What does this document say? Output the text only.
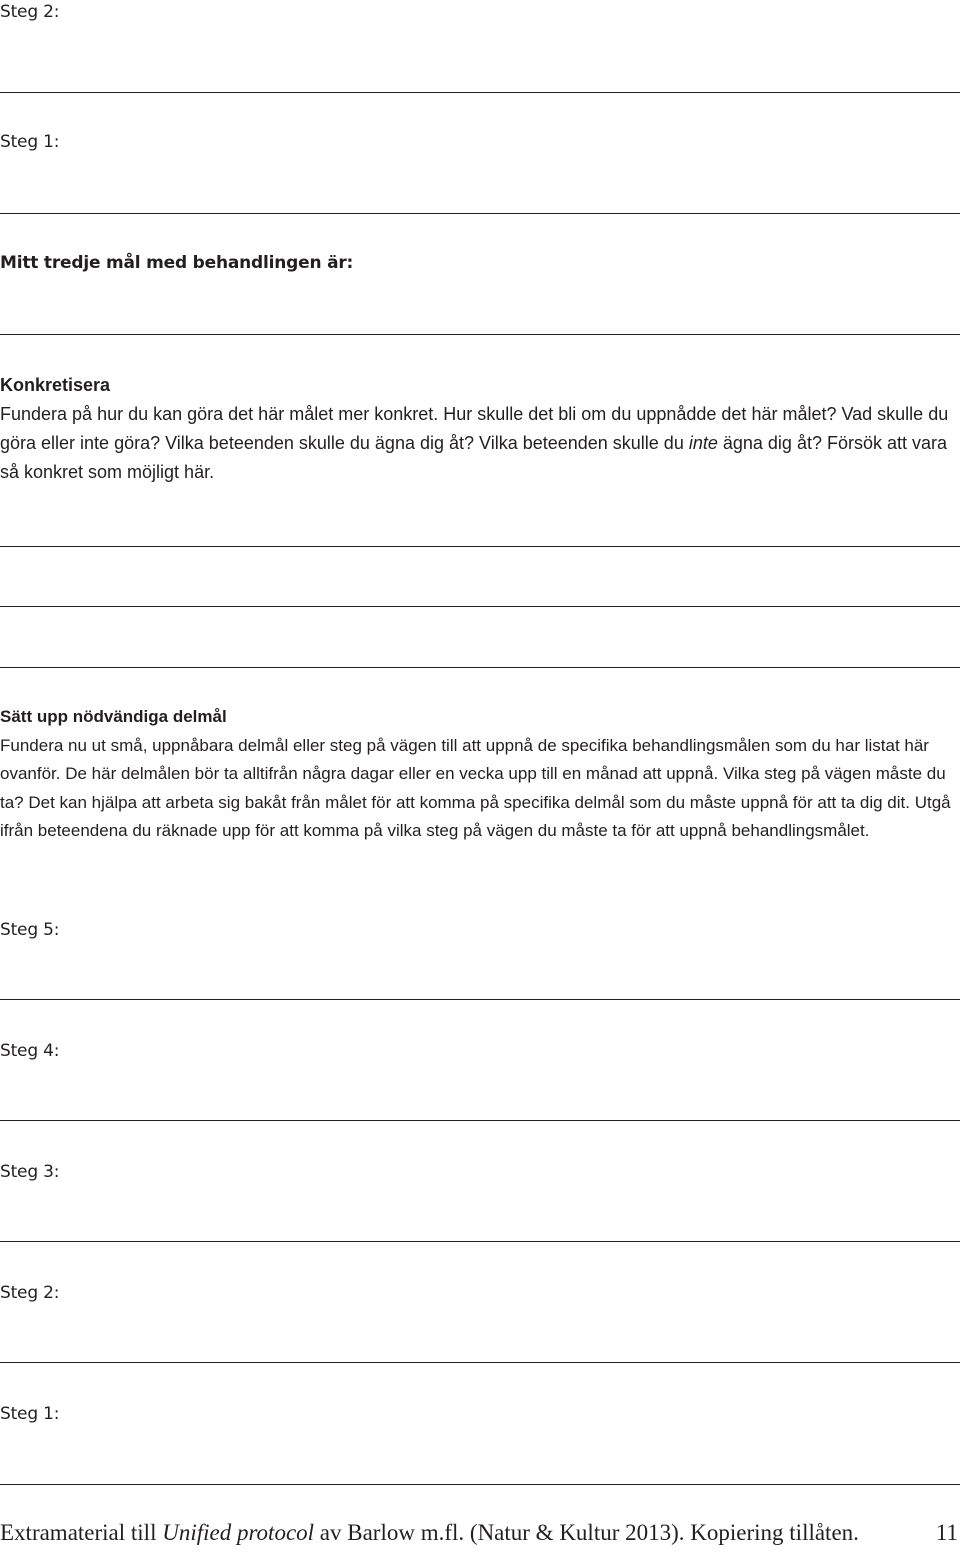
Steg 2:
Steg 1:
Mitt tredje mål med behandlingen är:
Konkretisera
Fundera på hur du kan göra det här målet mer konkret. Hur skulle det bli om du uppnådde det här målet? Vad skulle du göra eller inte göra? Vilka beteenden skulle du ägna dig åt? Vilka beteenden skulle du inte ägna dig åt? Försök att vara så konkret som möjligt här.
Sätt upp nödvändiga delmål
Fundera nu ut små, uppnåbara delmål eller steg på vägen till att uppnå de specifika behandlingsmålen som du har listat här ovanför. De här delmålen bör ta alltifrån några dagar eller en vecka upp till en månad att uppnå. Vilka steg på vägen måste du ta? Det kan hjälpa att arbeta sig bakåt från målet för att komma på specifika delmål som du måste uppnå för att ta dig dit. Utgå ifrån beteendena du räknade upp för att komma på vilka steg på vägen du måste ta för att uppnå behandlingsmålet.
Steg 5:
Steg 4:
Steg 3:
Steg 2:
Steg 1:
Extramaterial till Unified protocol av Barlow m.fl. (Natur & Kultur 2013). Kopiering tillåten.	11
